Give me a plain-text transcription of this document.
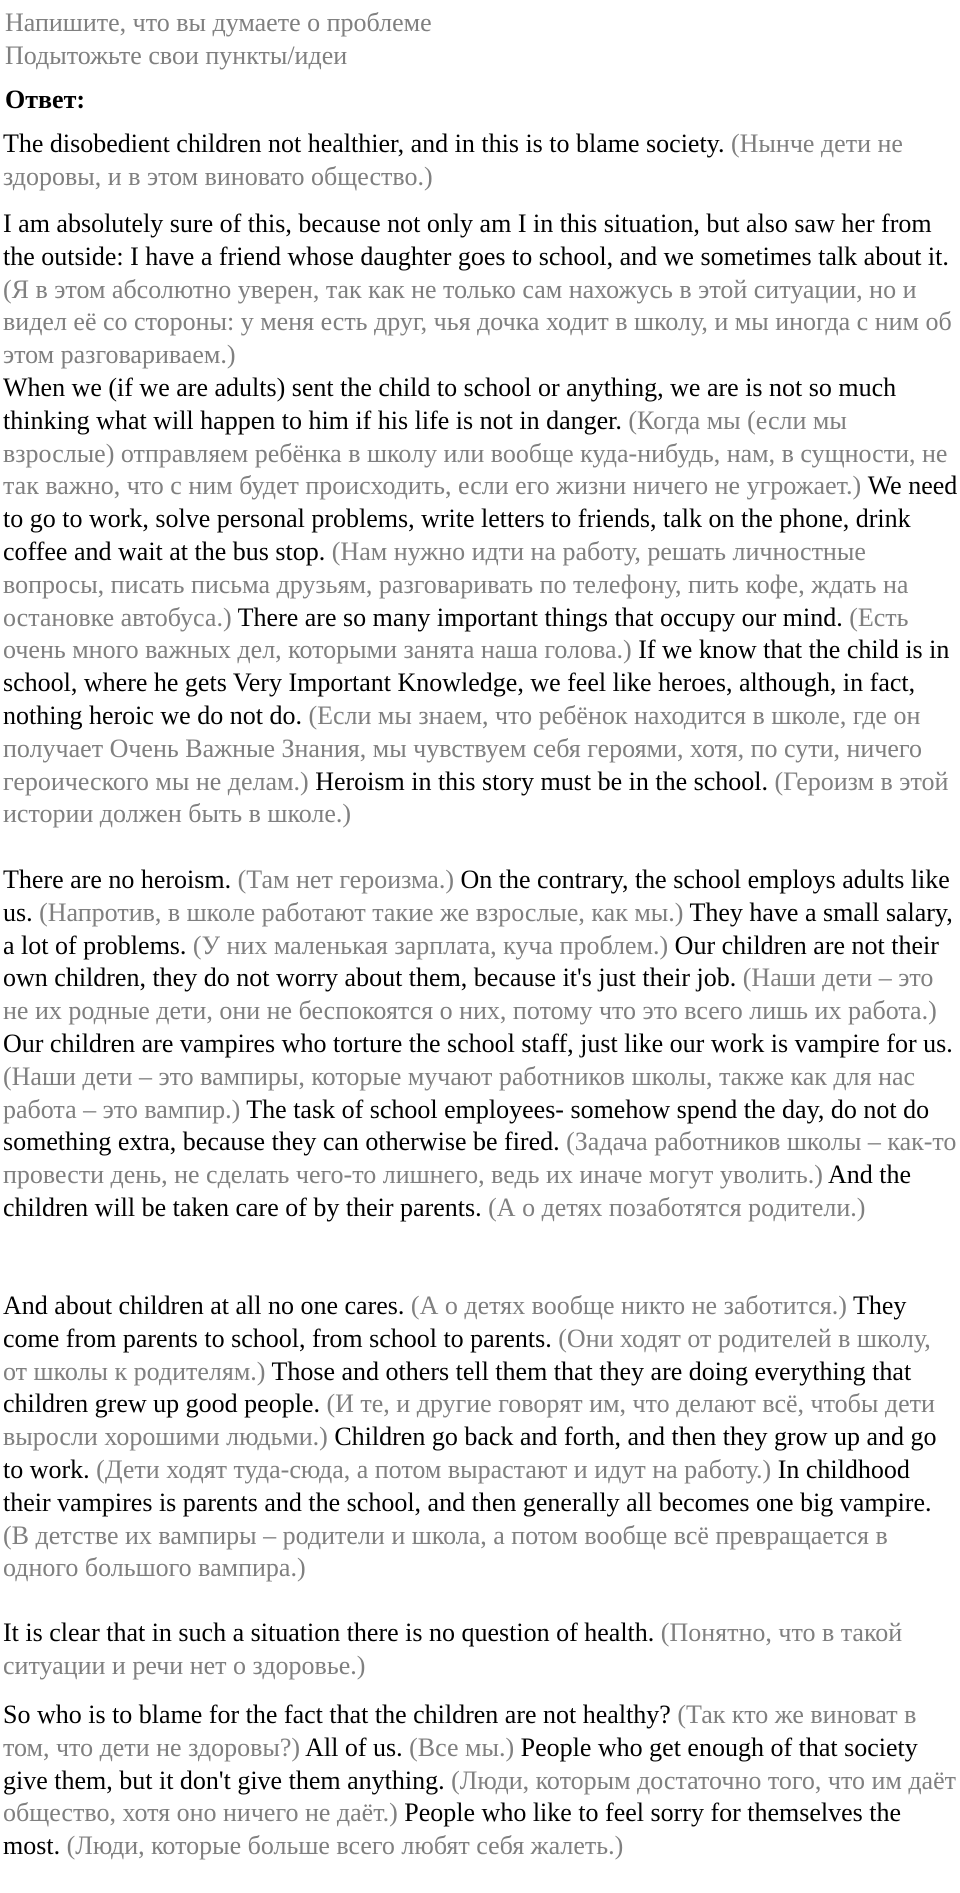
Напишите, что вы думаете о проблеме

Подытожьте свои пункты/идеи

Ответ:

The disobedient children not healthier, and in this is to blame society. (Нынче дети не здоровы, и в этом виновато общество.)

I am absolutely sure of this, because not only am I in this situation, but also saw her from the outside: I have a friend whose daughter goes to school, and we sometimes talk about it. (Я в этом абсолютно уверен, так как не только сам нахожусь в этой ситуации, но и видел её со стороны: у меня есть друг, чья дочка ходит в школу, и мы иногда с ним об этом разговариваем.)

When we (if we are adults) sent the child to school or anything, we are is not so much thinking what will happen to him if his life is not in danger. (Когда мы (если мы взрослые) отправляем ребёнка в школу или вообще куда-нибудь, нам, в сущности, не так важно, что с ним будет происходить, если его жизни ничего не угрожает.) We need to go to work, solve personal problems, write letters to friends, talk on the phone, drink coffee and wait at the bus stop. (Нам нужно идти на работу, решать личностные вопросы, писать письма друзьям, разговаривать по телефону, пить кофе, ждать на остановке автобуса.) There are so many important things that occupy our mind. (Есть очень много важных дел, которыми занята наша голова.) If we know that the child is in school, where he gets Very Important Knowledge, we feel like heroes, although, in fact, nothing heroic we do not do. (Если мы знаем, что ребёнок находится в школе, где он получает Очень Важные Знания, мы чувствуем себя героями, хотя, по сути, ничего героического мы не делам.) Heroism in this story must be in the school. (Героизм в этой истории должен быть в школе.)

There are no heroism. (Там нет героизма.) On the contrary, the school employs adults like us. (Напротив, в школе работают такие же взрослые, как мы.) They have a small salary, a lot of problems. (У них маленькая зарплата, куча проблем.) Our children are not their own children, they do not worry about them, because it's just their job. (Наши дети – это не их родные дети, они не беспокоятся о них, потому что это всего лишь их работа.) Our children are vampires who torture the school staff, just like our work is vampire for us. (Наши дети – это вампиры, которые мучают работников школы, также как для нас работа – это вампир.) The task of school employees- somehow spend the day, do not do something extra, because they can otherwise be fired. (Задача работников школы – как-то провести день, не сделать чего-то лишнего, ведь их иначе могут уволить.) And the children will be taken care of by their parents. (А о детях позаботятся родители.)

And about children at all no one cares. (А о детях вообще никто не заботится.) They come from parents to school, from school to parents. (Они ходят от родителей в школу, от школы к родителям.) Those and others tell them that they are doing everything that children grew up good people. (И те, и другие говорят им, что делают всё, чтобы дети выросли хорошими людьми.) Children go back and forth, and then they grow up and go to work. (Дети ходят туда-сюда, а потом вырастают и идут на работу.) In childhood their vampires is parents and the school, and then generally all becomes one big vampire. (В детстве их вампиры – родители и школа, а потом вообще всё превращается в одного большого вампира.)

It is clear that in such a situation there is no question of health. (Понятно, что в такой ситуации и речи нет о здоровье.)

So who is to blame for the fact that the children are not healthy? (Так кто же виноват в том, что дети не здоровы?) All of us. (Все мы.) People who get enough of that society give them, but it don't give them anything. (Люди, которым достаточно того, что им даёт общество, хотя оно ничего не даёт.) People who like to feel sorry for themselves the most. (Люди, которые больше всего любят себя жалеть.)
